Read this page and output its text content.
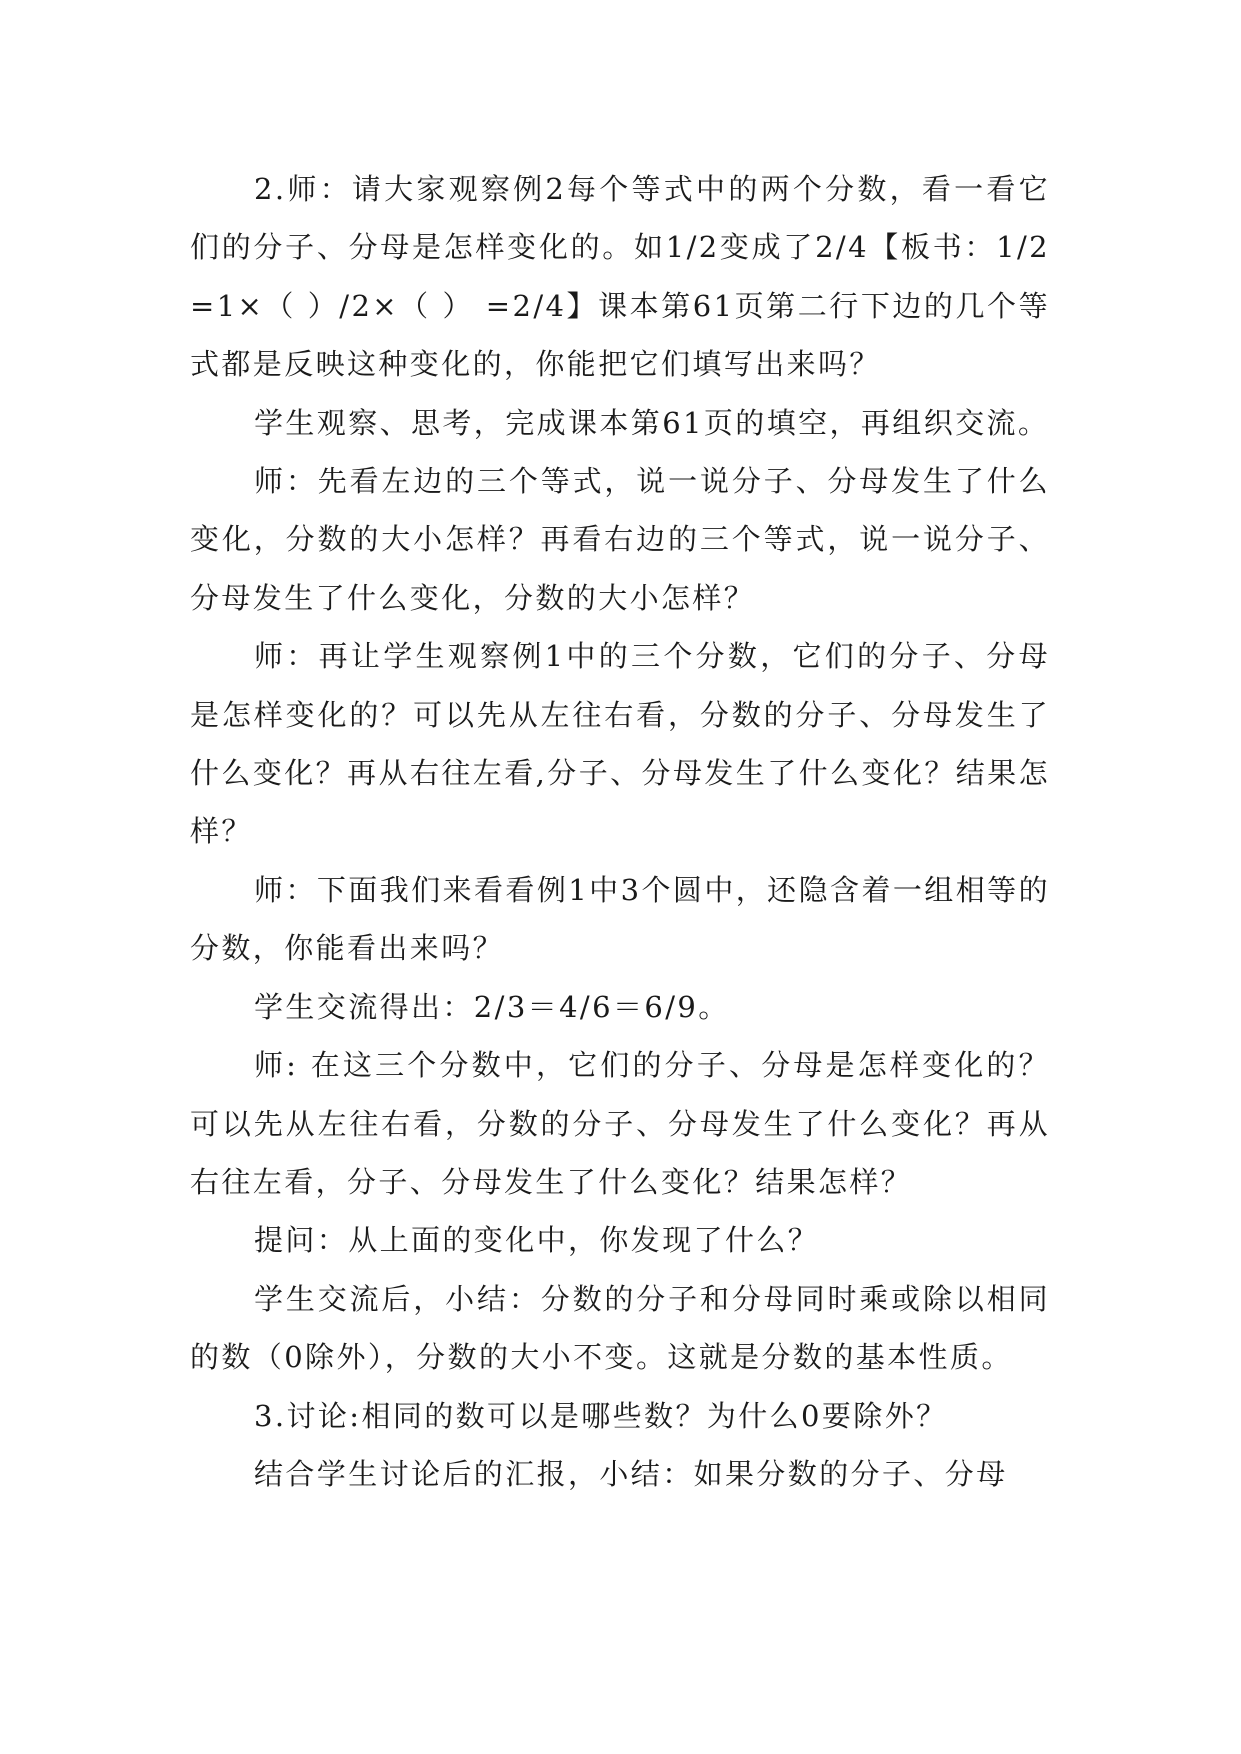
2.师：请大家观察例2每个等式中的两个分数，看一看它们的分子、分母是怎样变化的。如1/2变成了2/4【板书：1/2 =1×（ ）/2×（ ） =2/4】课本第61页第二行下边的几个等式都是反映这种变化的，你能把它们填写出来吗？

学生观察、思考，完成课本第61页的填空，再组织交流。

师：先看左边的三个等式，说一说分子、分母发生了什么变化，分数的大小怎样？再看右边的三个等式，说一说分子、分母发生了什么变化，分数的大小怎样？

师：再让学生观察例1中的三个分数，它们的分子、分母是怎样变化的？可以先从左往右看，分数的分子、分母发生了什么变化？再从右往左看,分子、分母发生了什么变化？结果怎样？

师：下面我们来看看例1中3个圆中，还隐含着一组相等的分数，你能看出来吗？

学生交流得出：2/3＝4/6＝6/9。

师: 在这三个分数中，它们的分子、分母是怎样变化的？可以先从左往右看，分数的分子、分母发生了什么变化？再从右往左看，分子、分母发生了什么变化？结果怎样？

提问：从上面的变化中，你发现了什么？

学生交流后，小结：分数的分子和分母同时乘或除以相同的数（0除外），分数的大小不变。这就是分数的基本性质。

3.讨论:相同的数可以是哪些数？为什么0要除外？

结合学生讨论后的汇报，小结：如果分数的分子、分母
